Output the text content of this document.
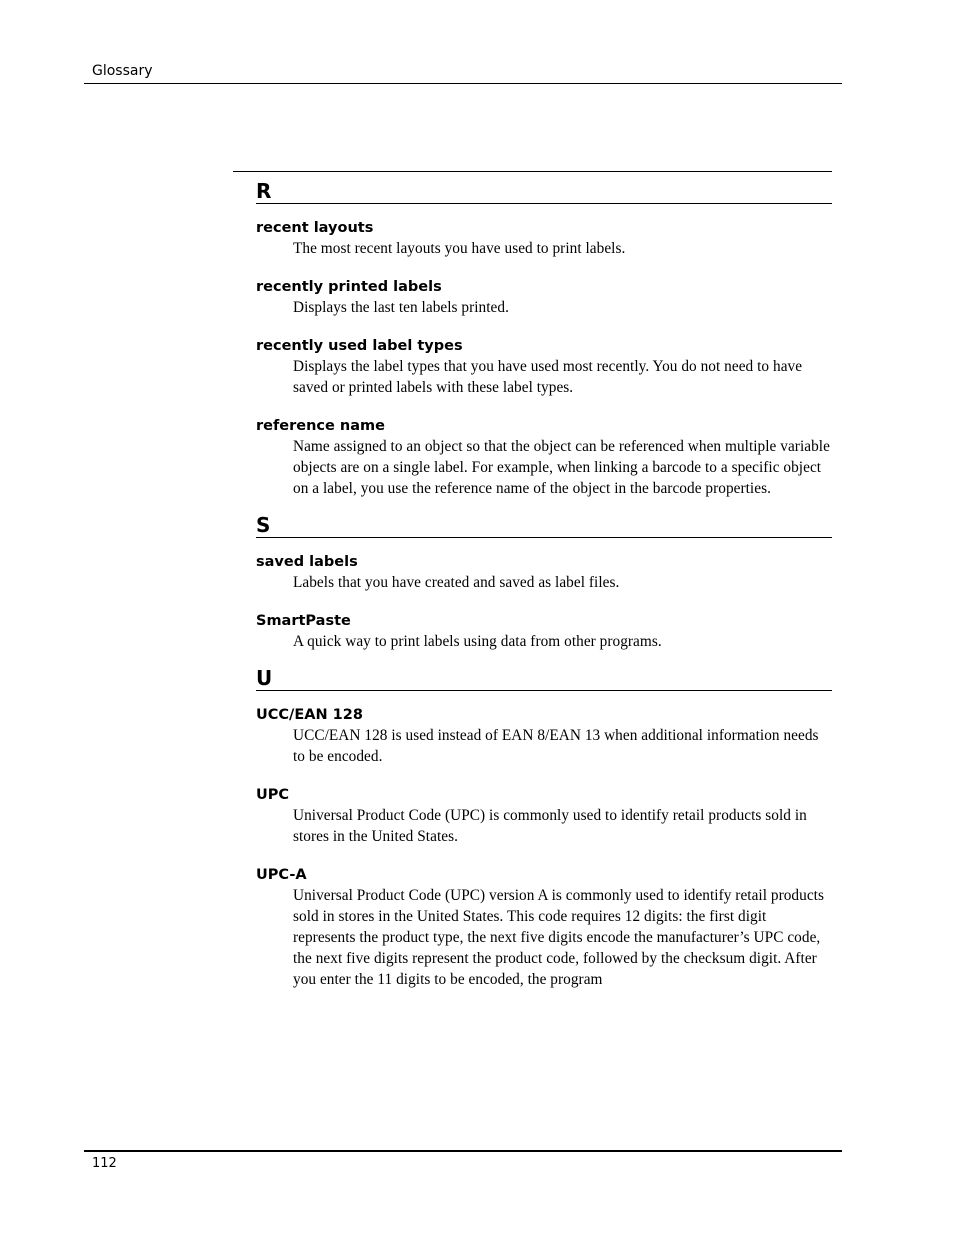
Glossary
R

recent layouts

The most recent layouts you have used to print labels.

recently printed labels

Displays the last ten labels printed.

recently used label types

Displays the label types that you have used most recently. You do not need to have saved or printed labels with these label types.

reference name

Name assigned to an object so that the object can be referenced when multiple variable objects are on a single label. For example, when linking a barcode to a specific object on a label, you use the reference name of the object in the barcode properties.

S

saved labels

Labels that you have created and saved as label files.

SmartPaste

A quick way to print labels using data from other programs.

U

UCC/EAN 128

UCC/EAN 128 is used instead of EAN 8/EAN 13 when additional information needs to be encoded.

UPC

Universal Product Code (UPC) is commonly used to identify retail products sold in stores in the United States.

UPC-A

Universal Product Code (UPC) version A is commonly used to identify retail products sold in stores in the United States. This code requires 12 digits: the first digit represents the product type, the next five digits encode the manufacturer’s UPC code, the next five digits represent the product code, followed by the checksum digit. After you enter the 11 digits to be encoded, the program

112
